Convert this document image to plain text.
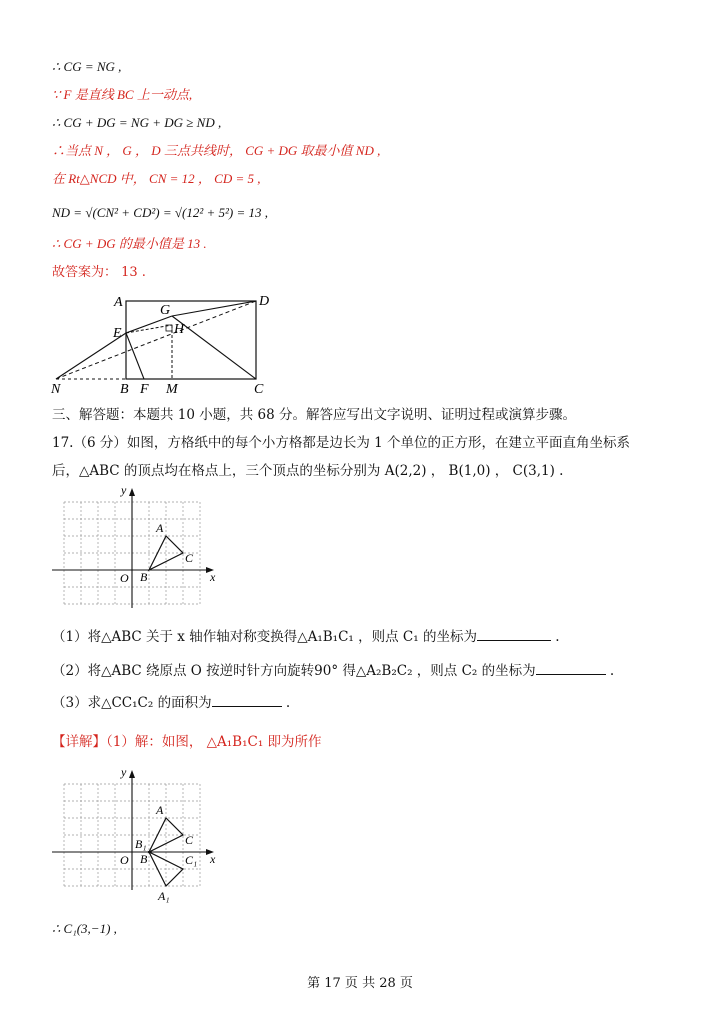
∴ CG = NG ,
∵ F 是直线 BC 上一动点,
∴ CG + DG = NG + DG ≥ ND ,
∴当点 N ， G ， D 三点共线时， CG + DG 取最小值 ND ,
在 Rt△NCD 中， CN = 12 ， CD = 5 ,
ND = √(CN² + CD²) = √(12² + 5²) = 13 ,
∴ CG + DG 的最小值是 13 .
故答案为： 13 .
A
G
D
E	H
N	B F M	C
三、解答题：本题共 10 小题，共 68 分。解答应写出文字说明、证明过程或演算步骤。
17.（6 分）如图，方格纸中的每个小方格都是边长为 1 个单位的正方形，在建立平面直角坐标系
后，△ABC 的顶点均在格点上，三个顶点的坐标分别为 A(2,2) ， B(1,0) ， C(3,1) .
y
x
O
A
B
C
（1）将△ABC 关于 x 轴作轴对称变换得△A₁B₁C₁ ，则点 C₁ 的坐标为	.
（2）将△ABC 绕原点 O 按逆时针方向旋转90° 得△A₂B₂C₂ ，则点 C₂ 的坐标为	.
（3）求△CC₁C₂ 的面积为	.
【详解】（1）解：如图， △A₁B₁C₁ 即为所作
y
x
O
A
B₁
B
C
C₁
A₁
∴ C₁(3,−1) ,
第 17 页 共 28 页
